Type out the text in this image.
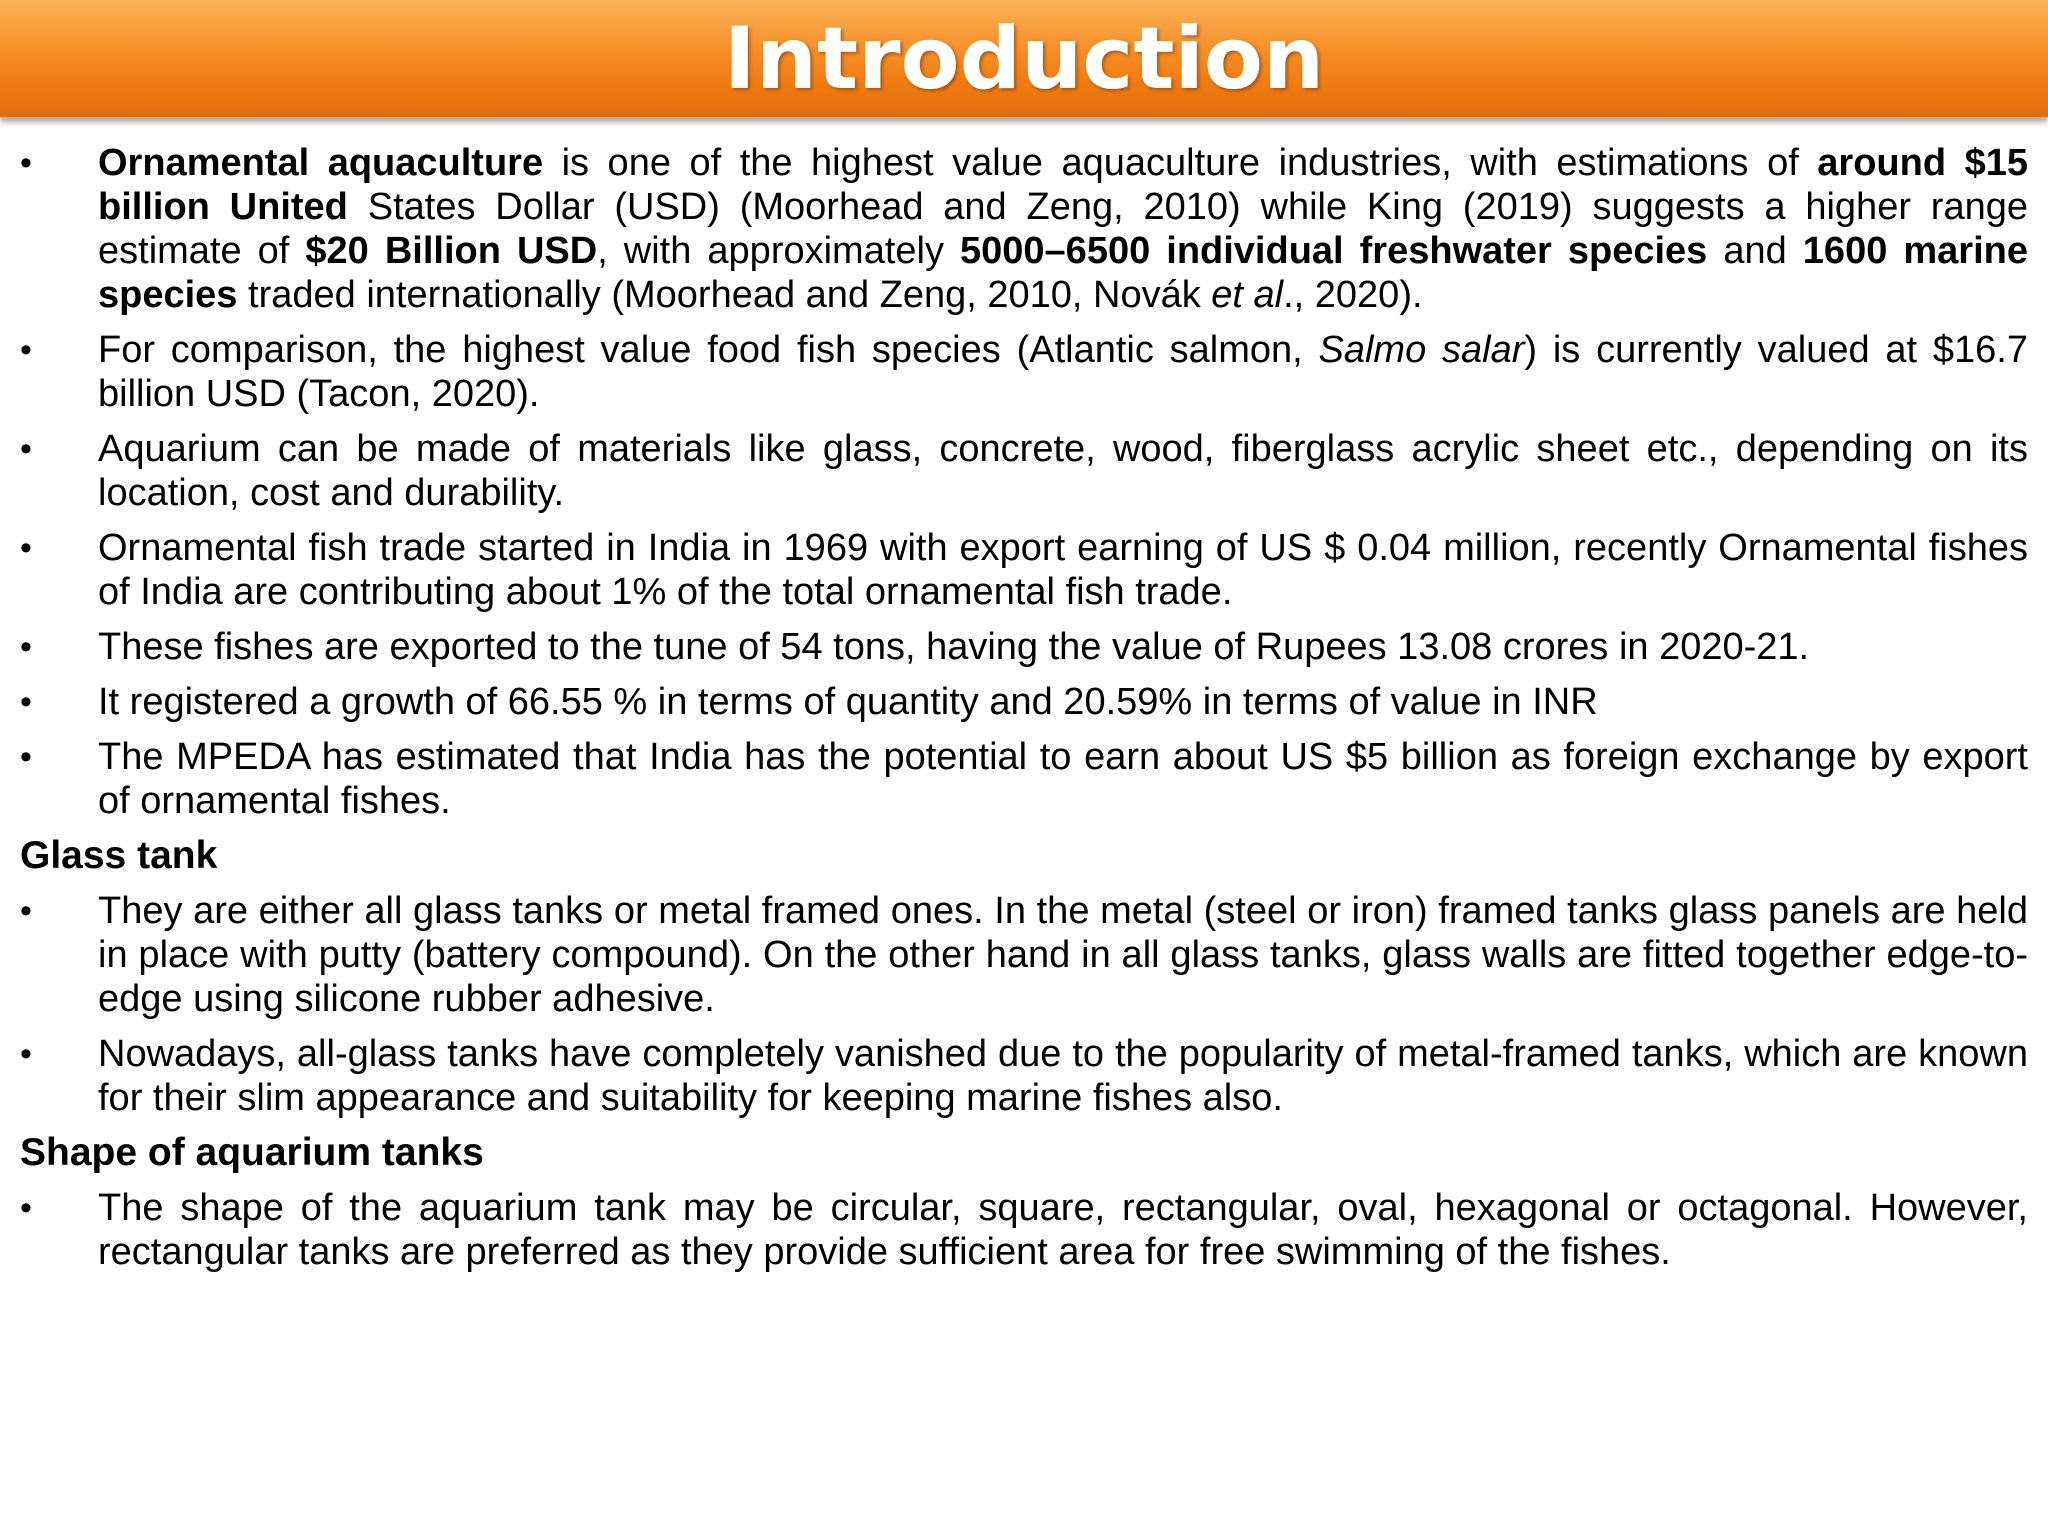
Introduction
•	Ornamental aquaculture is one of the highest value aquaculture industries, with estimations of around $15 billion United States Dollar (USD) (Moorhead and Zeng, 2010) while King (2019) suggests a higher range estimate of $20 Billion USD, with approximately 5000–6500 individual freshwater species and 1600 marine species traded internationally (Moorhead and Zeng, 2010, Novák et al., 2020).
•	For comparison, the highest value food fish species (Atlantic salmon, Salmo salar) is currently valued at $16.7 billion USD (Tacon, 2020).
•	Aquarium can be made of materials like glass, concrete, wood, fiberglass acrylic sheet etc., depending on its location, cost and durability.
•	Ornamental fish trade started in India in 1969 with export earning of US $ 0.04 million, recently Ornamental fishes of India are contributing about 1% of the total ornamental fish trade.
•	These fishes are exported to the tune of 54 tons, having the value of Rupees 13.08 crores in 2020-21.
•	It registered a growth of 66.55 % in terms of quantity and 20.59% in terms of value in INR
•	The MPEDA has estimated that India has the potential to earn about US $5 billion as foreign exchange by export of ornamental fishes.
Glass tank
•	They are either all glass tanks or metal framed ones. In the metal (steel or iron) framed tanks glass panels are held in place with putty (battery compound). On the other hand in all glass tanks, glass walls are fitted together edge-to-edge using silicone rubber adhesive.
•	Nowadays, all-glass tanks have completely vanished due to the popularity of metal-framed tanks, which are known for their slim appearance and suitability for keeping marine fishes also.
Shape of aquarium tanks
•	The shape of the aquarium tank may be circular, square, rectangular, oval, hexagonal or octagonal. However, rectangular tanks are preferred as they provide sufficient area for free swimming of the fishes.
